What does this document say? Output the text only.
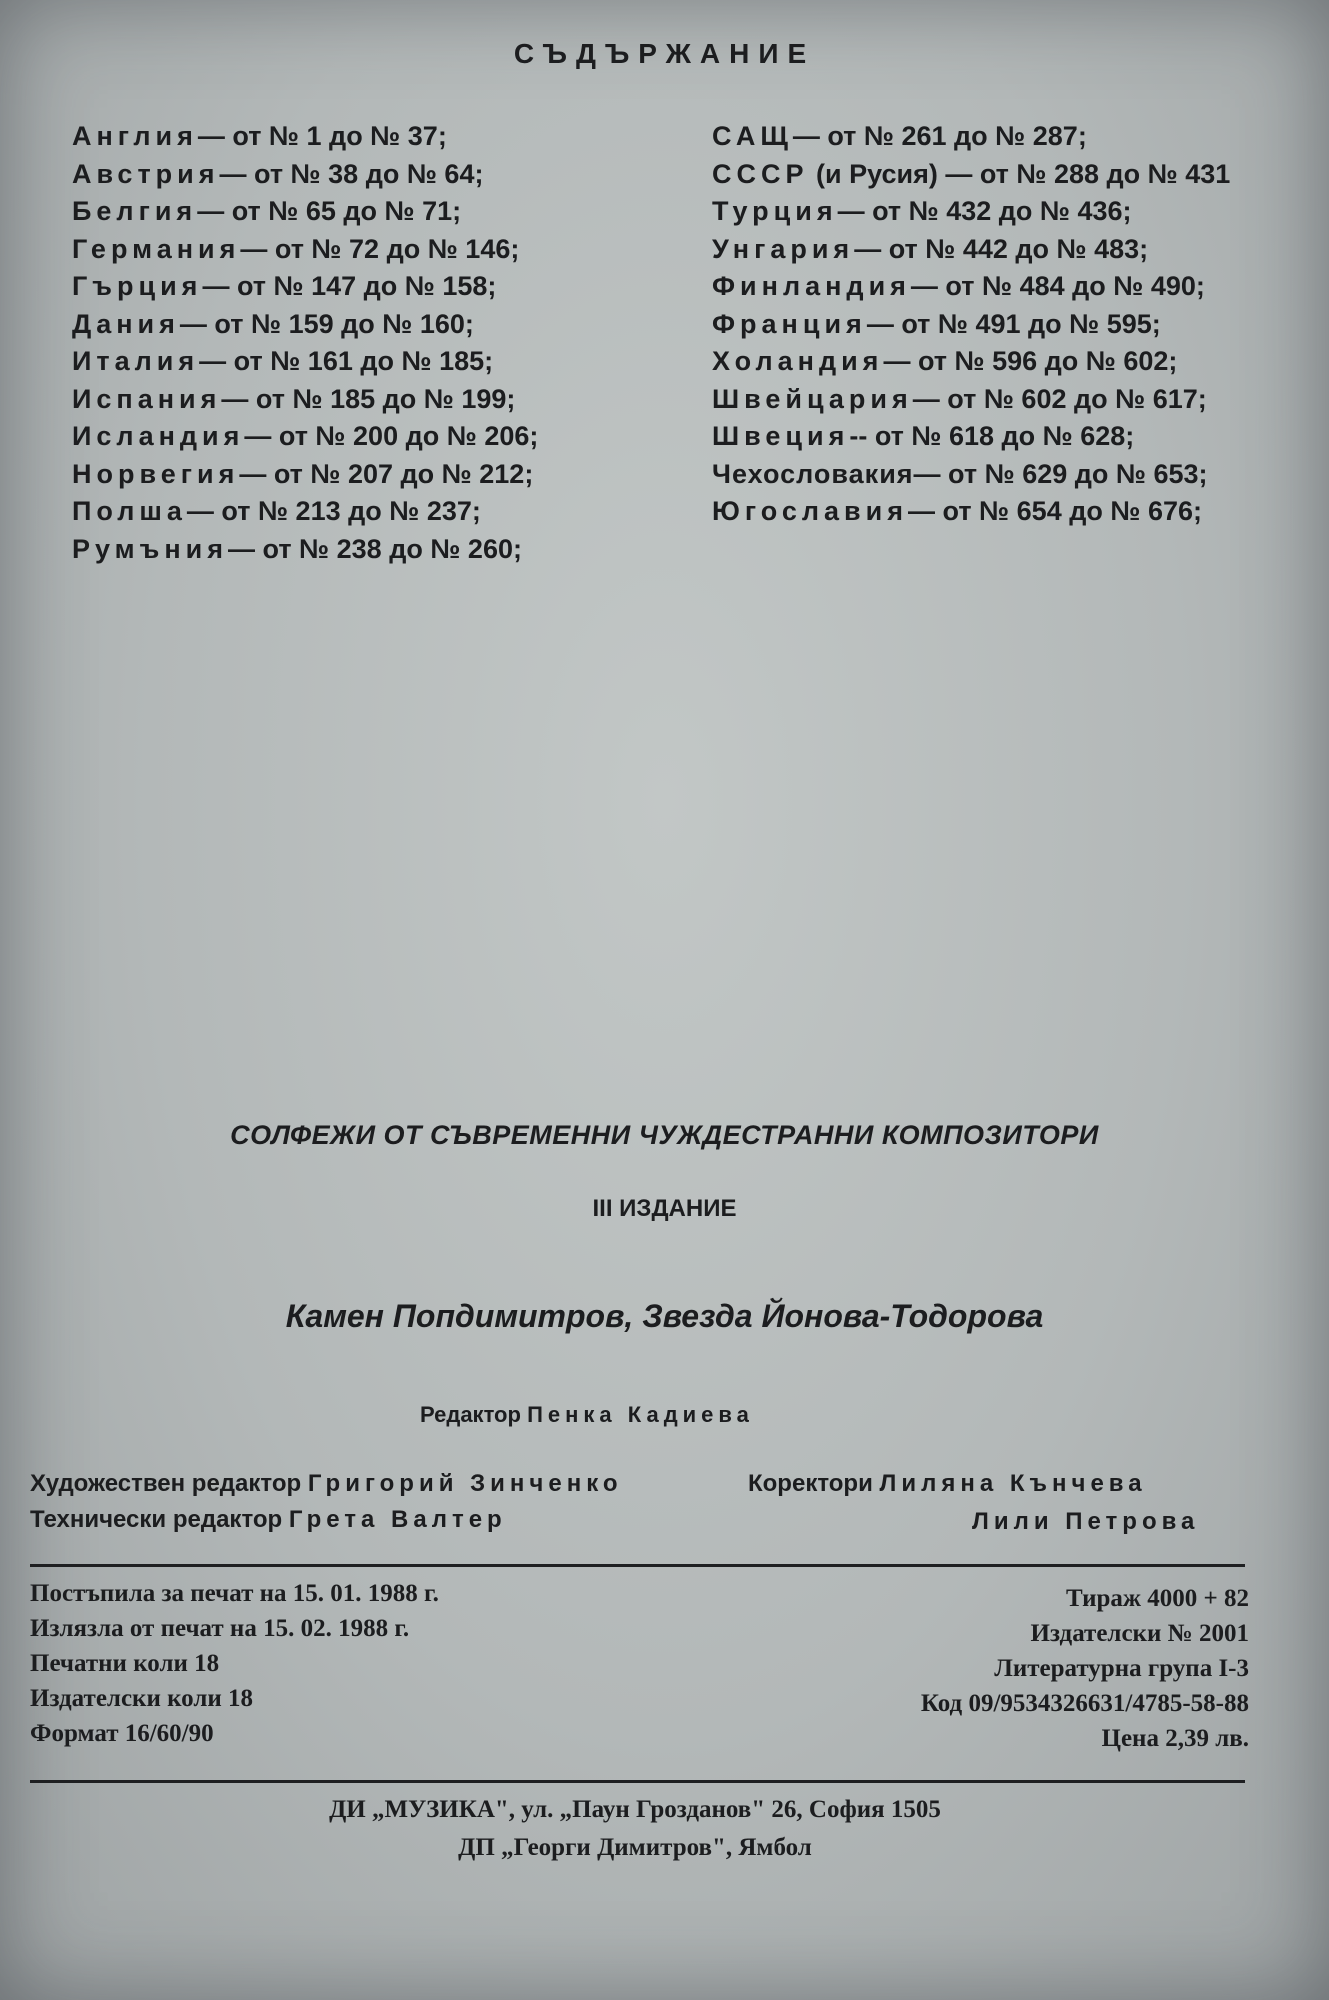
СЪДЪРЖАНИЕ
Англия— от № 1 до № 37;
Австрия— от № 38 до № 64;
Белгия— от № 65 до № 71;
Германия— от № 72 до № 146;
Гърция— от № 147 до № 158;
Дания— от № 159 до № 160;
Италия— от № 161 до № 185;
Испания— от № 185 до № 199;
Исландия— от № 200 до № 206;
Норвегия— от № 207 до № 212;
Полша— от № 213 до № 237;
Румъния— от № 238 до № 260;
САЩ— от № 261 до № 287;
СССР (и Русия) — от № 288 до № 431
Турция— от № 432 до № 436;
Унгария— от № 442 до № 483;
Финландия— от № 484 до № 490;
Франция— от № 491 до № 595;
Холандия— от № 596 до № 602;
Швейцария— от № 602 до № 617;
Швеция-- от № 618 до № 628;
Чехословакия— от № 629 до № 653;
Югославия— от № 654 до № 676;
СОЛФЕЖИ ОТ СЪВРЕМЕННИ ЧУЖДЕСТРАННИ КОМПОЗИТОРИ
III ИЗДАНИЕ
Камен Попдимитров, Звезда Йонова-Тодорова
Редактор Пенка Кадиева
Художествен редактор Григорий Зинченко
Технически редактор Грета Валтер
Коректори Лиляна Кънчева
Лили Петрова
Постъпила за печат на 15. 01. 1988 г.
Излязла от печат на 15. 02. 1988 г.
Печатни коли 18
Издателски коли 18
Формат 16/60/90
Тираж 4000 + 82
Издателски № 2001
Литературна група I-3
Код 09/9534326631/4785-58-88
Цена 2,39 лв.
ДИ „МУЗИКА", ул. „Паун Грозданов" 26, София 1505
ДП „Георги Димитров", Ямбол
